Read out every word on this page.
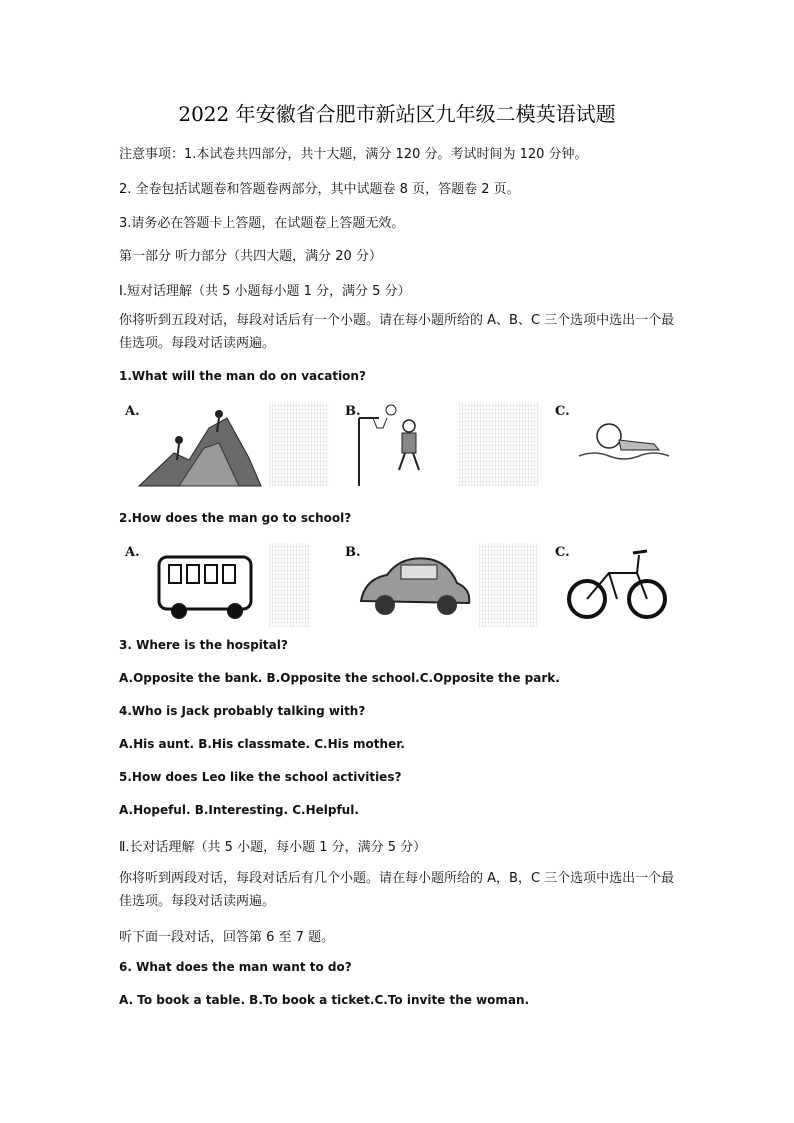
2022 年安徽省合肥市新站区九年级二模英语试题
注意事项：1.本试卷共四部分，共十大题，满分 120 分。考试时间为 120 分钟。
2. 全卷包括试题卷和答题卷两部分，其中试题卷 8 页，答题卷 2 页。
3.请务必在答题卡上答题，在试题卷上答题无效。
第一部分 听力部分（共四大题，满分 20 分）
Ⅰ.短对话理解（共 5 小题每小题 1 分，满分 5 分）
你将听到五段对话，每段对话后有一个小题。请在每小题所给的 A、B、C 三个选项中选出一个最佳选项。每段对话读两遍。
1.What will the man do on vacation?
A.	B.	C.
2.How does the man go to school?
A.	B.	C.
3. Where is the hospital?
A.Opposite the bank. B.Opposite the school.C.Opposite the park.
4.Who is Jack probably talking with?
A.His aunt. B.His classmate. C.His mother.
5.How does Leo like the school activities?
A.Hopeful. B.Interesting. C.Helpful.
Ⅱ.长对话理解（共 5 小题，每小题 1 分，满分 5 分）
你将听到两段对话，每段对话后有几个小题。请在每小题所给的 A，B，C 三个选项中选出一个最佳选项。每段对话读两遍。
听下面一段对话，回答第 6 至 7 题。
6. What does the man want to do?
A. To book a table. B.To book a ticket.C.To invite the woman.
